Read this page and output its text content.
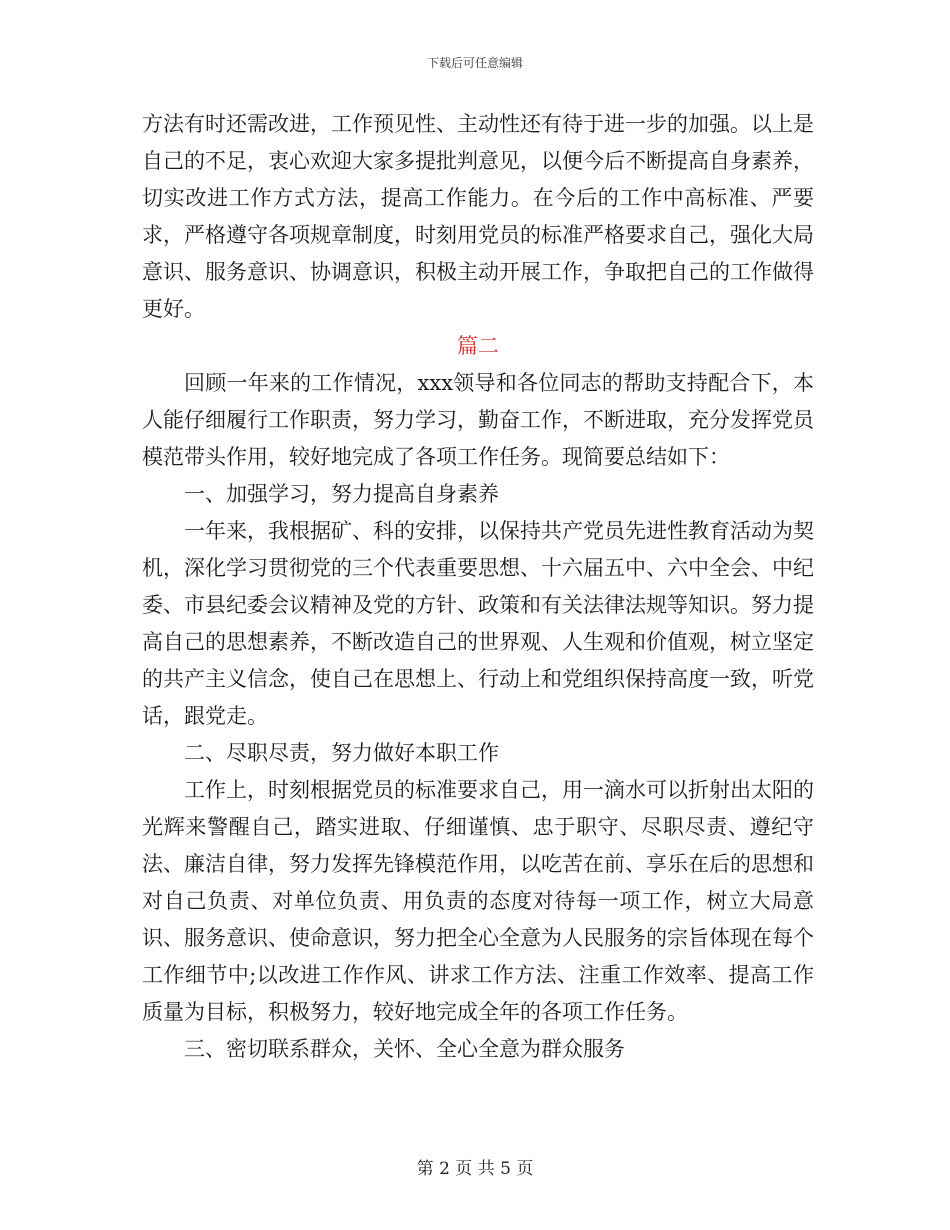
下载后可任意编辑

方法有时还需改进，工作预见性、主动性还有待于进一步的加强。以上是自己的不足，衷心欢迎大家多提批判意见，以便今后不断提高自身素养，切实改进工作方式方法，提高工作能力。在今后的工作中高标准、严要求，严格遵守各项规章制度，时刻用党员的标准严格要求自己，强化大局意识、服务意识、协调意识，积极主动开展工作，争取把自己的工作做得更好。

篇二

回顾一年来的工作情况，xxx领导和各位同志的帮助支持配合下，本人能仔细履行工作职责，努力学习，勤奋工作，不断进取，充分发挥党员模范带头作用，较好地完成了各项工作任务。现简要总结如下：

一、加强学习，努力提高自身素养

一年来，我根据矿、科的安排，以保持共产党员先进性教育活动为契机，深化学习贯彻党的三个代表重要思想、十六届五中、六中全会、中纪委、市县纪委会议精神及党的方针、政策和有关法律法规等知识。努力提高自己的思想素养，不断改造自己的世界观、人生观和价值观，树立坚定的共产主义信念，使自己在思想上、行动上和党组织保持高度一致，听党话，跟党走。

二、尽职尽责，努力做好本职工作

工作上，时刻根据党员的标准要求自己，用一滴水可以折射出太阳的光辉来警醒自己，踏实进取、仔细谨慎、忠于职守、尽职尽责、遵纪守法、廉洁自律，努力发挥先锋模范作用，以吃苦在前、享乐在后的思想和对自己负责、对单位负责、用负责的态度对待每一项工作，树立大局意识、服务意识、使命意识，努力把全心全意为人民服务的宗旨体现在每个工作细节中;以改进工作作风、讲求工作方法、注重工作效率、提高工作质量为目标，积极努力，较好地完成全年的各项工作任务。

三、密切联系群众，关怀、全心全意为群众服务

第 2 页 共 5 页
